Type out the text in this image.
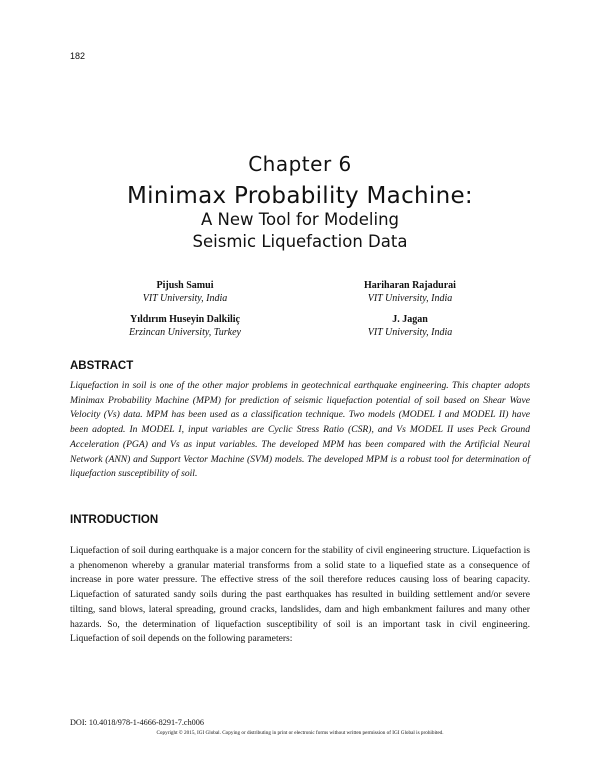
182
Chapter 6
Minimax Probability Machine:
A New Tool for Modeling
Seismic Liquefaction Data
Pijush Samui
VIT University, India
Hariharan Rajadurai
VIT University, India
Yıldırım Huseyin Dalkiliç
Erzincan University, Turkey
J. Jagan
VIT University, India
ABSTRACT
Liquefaction in soil is one of the other major problems in geotechnical earthquake engineering. This chapter adopts Minimax Probability Machine (MPM) for prediction of seismic liquefaction potential of soil based on Shear Wave Velocity (Vs) data. MPM has been used as a classification technique. Two models (MODEL I and MODEL II) have been adopted. In MODEL I, input variables are Cyclic Stress Ratio (CSR), and Vs MODEL II uses Peck Ground Acceleration (PGA) and Vs as input variables. The developed MPM has been compared with the Artificial Neural Network (ANN) and Support Vector Machine (SVM) models. The developed MPM is a robust tool for determination of liquefaction susceptibility of soil.
INTRODUCTION
Liquefaction of soil during earthquake is a major concern for the stability of civil engineering structure. Liquefaction is a phenomenon whereby a granular material transforms from a solid state to a liquefied state as a consequence of increase in pore water pressure. The effective stress of the soil therefore reduces causing loss of bearing capacity. Liquefaction of saturated sandy soils during the past earthquakes has resulted in building settlement and/or severe tilting, sand blows, lateral spreading, ground cracks, landslides, dam and high embankment failures and many other hazards. So, the determination of liquefaction susceptibility of soil is an important task in civil engineering. Liquefaction of soil depends on the following parameters:
DOI: 10.4018/978-1-4666-8291-7.ch006
Copyright © 2015, IGI Global. Copying or distributing in print or electronic forms without written permission of IGI Global is prohibited.
